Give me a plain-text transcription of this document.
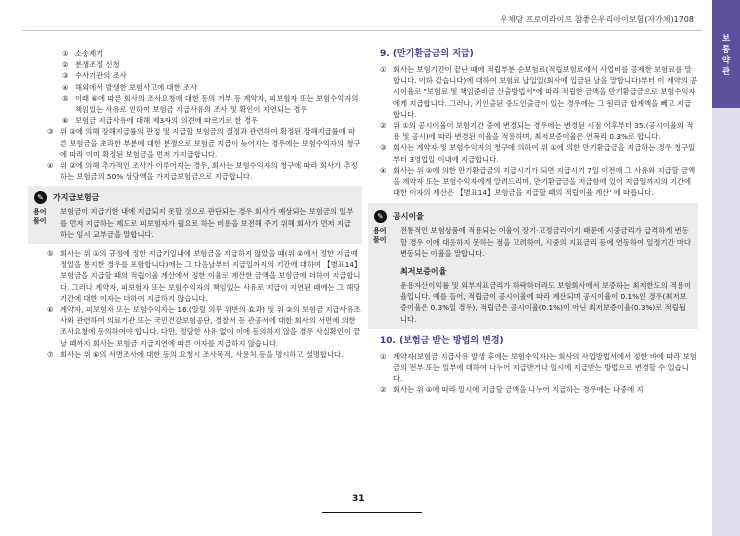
우체당 프로미라이프 참좋은우리아이보험(자가체)1708
보
통
약
관
① 소송제기
② 분쟁조정 신청
③ 수사기관의 조사
④ 해외에서 발생한 보험사고에 대한 조사
⑤ 이래 ⑥에 따른 회사의 조사요청에 대한 동의 거부 등 계약자, 피보험자 또는 보험수익자의 책임있는 사유로 인하여 보험금 지급사유의 조사 및 확인이 지연되는 경우
⑥ 보험금 지급사유에 대해 제3자의 의견에 따르기로 한 경우
③ 위 ②에 의해 장해지급률의 판정 및 지급할 보험금의 결정과 관련하여 확정된 장해지급률에 따른 보험금을 초과한 부분에 대한 분쟁으로 보험금 지급이 늦어지는 경우에는 보험수익자의 청구에 따라 이미 확정된 보험금을 먼저 가지급합니다.
④ 위 ②에 의해 추가적인 조사가 이루어지는 경우, 회사는 보험수익자의 청구에 따라 회사가 추정하는 보험금의 50% 상당액을 가지급보험금으로 지급합니다.
✎	가지급보험금
용어
풀이
보험금이 지급기한 내에 지급되지 못할 것으로 판단되는 경우 회사가 예상되는 보험금의 일부를 먼저 지급하는 제도로 피보험자가 필요로 하는 비용을 보전해 주기 위해 회사가 먼저 지급하는 임시 교부금을 말합니다.
⑤ 회사는 위 ①의 규정에 정한 지급기일내에 보험금을 지급하지 않았을 때(위 ②에서 정한 지급예정일을 통지한 경우를 포함합니다)에는 그 다음날부터 지급일까지의 기간에 대하여 【별표14】보험금을 지급할 때의 적립이율 계산에서 정한 이율로 계산한 금액을 보험금에 더하여 지급합니다. 그러나 계약자, 피보험자 또는 보험수익자의 책임있는 사유로 지급이 지연된 때에는 그 해당기간에 대한 이자는 더하여 지급하지 않습니다.
⑥ 계약자, 피보험자 또는 보험수익자는 16.(알릴 의무 위반의 효과) 및 위 ②의 보험금 지급사유조사와 관련하여 의료기관 또는 국민건강보험공단, 경찰서 등 관공서에 대한 회사의 서면에 의한 조사요청에 동의하여야 합니다. 다만, 정당한 사유 없이 이에 동의하지 않을 경우 사실확인이 끝날 때까지 회사는 보험금 지급지연에 따른 이자를 지급하지 않습니다.
⑦ 회사는 위 ⑥의 서면조사에 대한 동의 요청시 조사목적, 사용처 등을 명시하고 설명합니다.
9. (만기환급금의 지급)
① 회사는 보험기간이 끝난 때에 적립부분 순보험료(적립보험료에서 사업비를 공제한 보험료를 말합니다. 이하 같습니다)에 대하여 보험료 납입일(회사에 입금된 날을 말합니다)부터 이 계약의 공시이율로 "보험료 및 책임준비금 산출방법서"에 따라 적립한 금액을 만기환급금으로 보험수익자에게 지급합니다. 그러나, 기인출된 중도인출금이 있는 경우에는 그 원리금 합계액을 빼고 지급합니다.
② 위 ①의 공시이율이 보험기간 중에 변경되는 경우에는 변경된 시점 이후부터 35.(공시이율의 적용 및 공시)에 따라 변경된 이율을 적용하며, 최저보증이율은 연복리 0.3%로 합니다.
③ 회사는 계약자 및 보험수익자의 청구에 의하여 위 ①에 의한 만기환급금을 지급하는 경우 청구일부터 3영업일 이내에 지급합니다.
④ 회사는 위 ①에 의한 만기환급금의 지급시기가 되면 지급시기 7일 이전에 그 사유와 지급할 금액을 계약자 또는 보험수익자에게 알려드리며, 만기환급금을 지급함에 있어 지급일까지의 기간에 대한 이자의 계산은 【별표14】보험금을 지급할 때의 적립이율 계산' 에 따릅니다.
✎	공시이율
용어
풀이
전통적인 보험상품에 적용되는 이율이 장기·고정금리이기 때문에 시중금리가 급격하게 변동할 경우 이에 대응하지 못하는 점을 고려하여, 시중의 지표금리 등에 연동하여 일정기간 마다 변동되는 이율을 말합니다.
최저보증이율
운용자산이익률 및 외부지표금리가 하락하더라도 보험회사에서 보증하는 최저한도의 적용이율입니다. 예를 들어, 적립금이 공시이율에 따라 계산되며 공시이율이 0.1%인 경우(최저보증이율은 0.3%일 경우), 적립금은 공시이율(0.1%)이 아닌 최저보증이율(0.3%)로 적립됩니다.
10. (보험금 받는 방법의 변경)
① 계약자(보험금 지급사유 발생 후에는 보험수익자)는 회사의 사업방법서에서 정한 바에 따라 보험금의 전부 또는 일부에 대하여 나누어 지급받거나 일시에 지급받는 방법으로 변경할 수 있습니다.
② 회사는 위 ①에 따라 일시에 지급할 금액을 나누어 지급하는 경우에는 나중에 지
31
